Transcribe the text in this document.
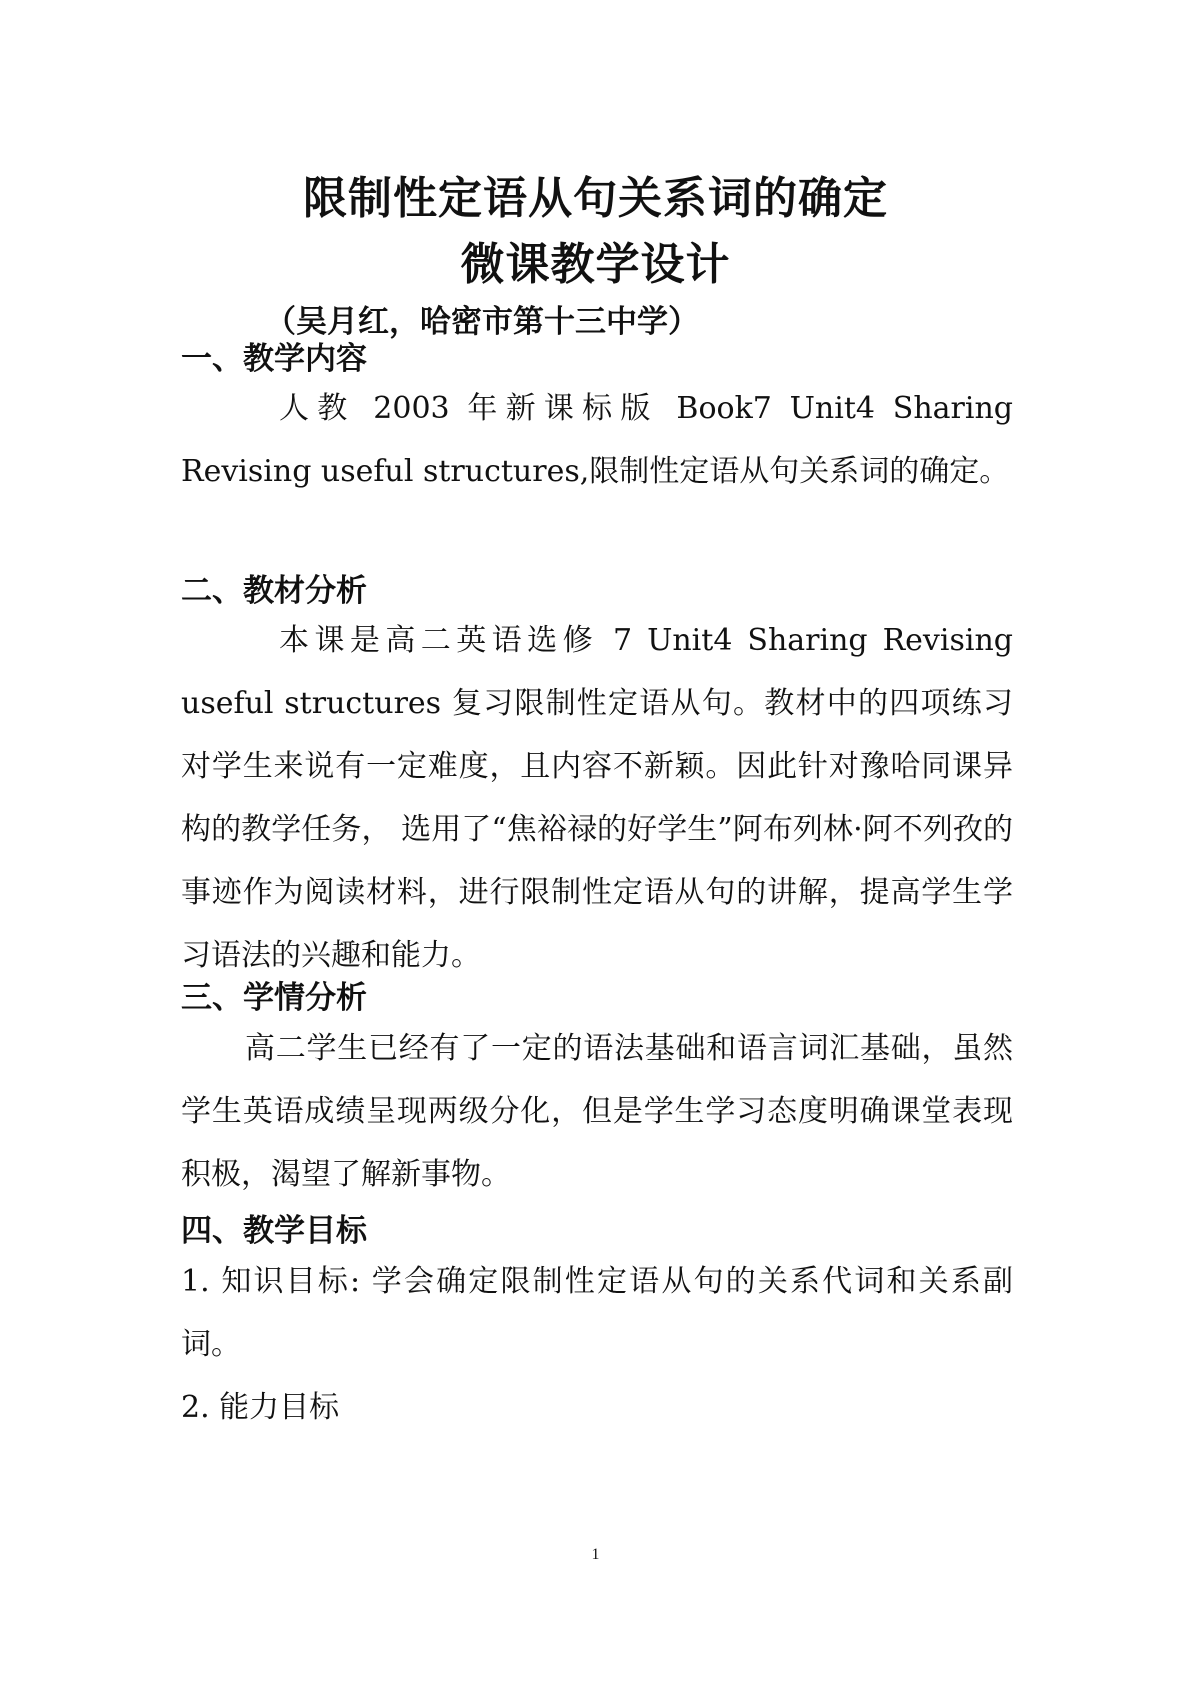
限制性定语从句关系词的确定
微课教学设计
（吴月红，哈密市第十三中学）
一、教学内容
人教 2003 年新课标版 Book7 Unit4 Sharing Revising useful structures,限制性定语从句关系词的确定。
二、教材分析
本课是高二英语选修 7 Unit4 Sharing Revising useful structures 复习限制性定语从句。教材中的四项练习对学生来说有一定难度，且内容不新颖。因此针对豫哈同课异构的教学任务， 选用了“焦裕禄的好学生”阿布列林·阿不列孜的事迹作为阅读材料，进行限制性定语从句的讲解，提高学生学习语法的兴趣和能力。
三、学情分析
高二学生已经有了一定的语法基础和语言词汇基础，虽然学生英语成绩呈现两级分化，但是学生学习态度明确课堂表现积极，渴望了解新事物。
四、教学目标
1. 知识目标: 学会确定限制性定语从句的关系代词和关系副词。
2. 能力目标
1
